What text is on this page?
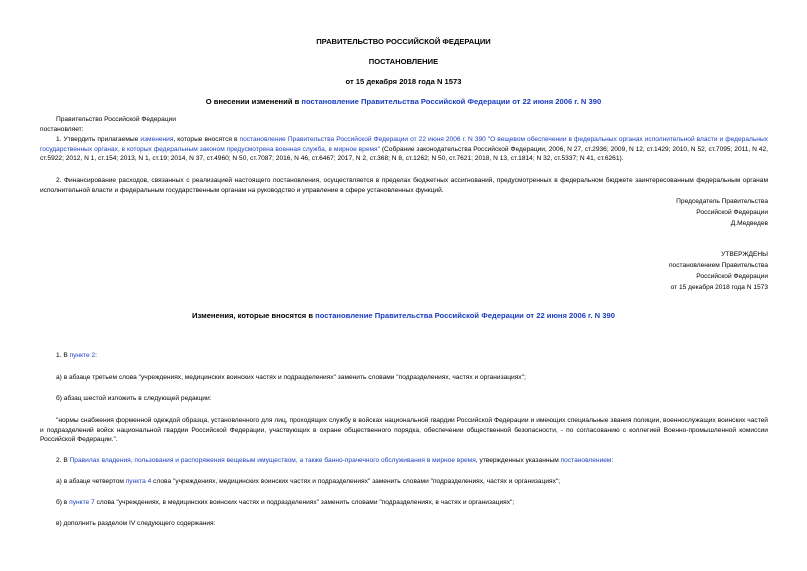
ПРАВИТЕЛЬСТВО РОССИЙСКОЙ ФЕДЕРАЦИИ
ПОСТАНОВЛЕНИЕ
от 15 декабря 2018 года N 1573
О внесении изменений в постановление Правительства Российской Федерации от 22 июня 2006 г. N 390
Правительство Российской Федерации
постановляет:

1. Утвердить прилагаемые изменения, которые вносятся в постановление Правительства Российской Федерации от 22 июня 2006 г. N 390 "О вещевом обеспечении в федеральных органах исполнительной власти и федеральных государственных органах, в которых федеральным законом предусмотрена военная служба, в мирное время" (Собрание законодательства Российской Федерации, 2006, N 27, ст.2936; 2009, N 12, ст.1429; 2010, N 52, ст.7095; 2011, N 42, ст.5922; 2012, N 1, ст.154; 2013, N 1, ст.19; 2014, N 37, ст.4960; N 50, ст.7087; 2016, N 46, ст.6467; 2017, N 2, ст.368; N 8, ст.1262; N 50, ст.7621; 2018, N 13, ст.1814; N 32, ст.5337; N 41, ст.6261).

2. Финансирование расходов, связанных с реализацией настоящего постановления, осуществляется в пределах бюджетных ассигнований, предусмотренных в федеральном бюджете заинтересованным федеральным органам исполнительной власти и федеральным государственным органам на руководство и управление в сфере установленных функций.

Председатель Правительства
Российской Федерации
Д.Медведев
УТВЕРЖДЕНЫ
постановлением Правительства
Российской Федерации
от 15 декабря 2018 года N 1573
Изменения, которые вносятся в постановление Правительства Российской Федерации от 22 июня 2006 г. N 390

1. В пункте 2:

а) в абзаце третьем слова "учреждениях, медицинских воинских частях и подразделениях" заменить словами "подразделениях, частях и организациях";

б) абзац шестой изложить в следующей редакции:

"нормы снабжения форменной одеждой образца, установленного для лиц, проходящих службу в войсках национальной гвардии Российской Федерации и имеющих специальные звания полиции, военнослужащих воинских частей и подразделений войск национальной гвардии Российской Федерации, участвующих в охране общественного порядка, обеспечении общественной безопасности, - по согласованию с коллегией Военно-промышленной комиссии Российской Федерации.".

2. В Правилах владения, пользования и распоряжения вещевым имуществом, а также банно-прачечного обслуживания в мирное время, утвержденных указанным постановлением:

а) в абзаце четвертом пункта 4 слова "учреждениях, медицинских воинских частях и подразделениях" заменить словами "подразделениях, частях и организациях";

б) в пункте 7 слова "учреждениях, в медицинских воинских частях и подразделениях" заменить словами "подразделениях, в частях и организациях";

в) дополнить разделом IV следующего содержания:
